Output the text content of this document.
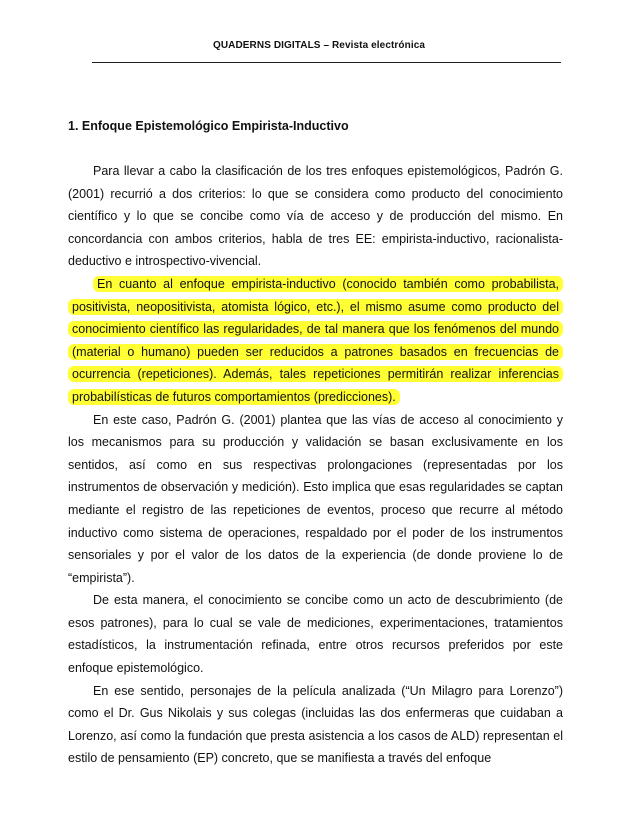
QUADERNS DIGITALS – Revista electrónica
1. Enfoque Epistemológico Empirista-Inductivo

Para llevar a cabo la clasificación de los tres enfoques epistemológicos, Padrón G. (2001) recurrió a dos criterios: lo que se considera como producto del conocimiento científico y lo que se concibe como vía de acceso y de producción del mismo. En concordancia con ambos criterios, habla de tres EE: empirista-inductivo, racionalista-deductivo e introspectivo-vivencial.

En cuanto al enfoque empirista-inductivo (conocido también como probabilista, positivista, neopositivista, atomista lógico, etc.), el mismo asume como producto del conocimiento científico las regularidades, de tal manera que los fenómenos del mundo (material o humano) pueden ser reducidos a patrones basados en frecuencias de ocurrencia (repeticiones). Además, tales repeticiones permitirán realizar inferencias probabilísticas de futuros comportamientos (predicciones).

En este caso, Padrón G. (2001) plantea que las vías de acceso al conocimiento y los mecanismos para su producción y validación se basan exclusivamente en los sentidos, así como en sus respectivas prolongaciones (representadas por los instrumentos de observación y medición). Esto implica que esas regularidades se captan mediante el registro de las repeticiones de eventos, proceso que recurre al método inductivo como sistema de operaciones, respaldado por el poder de los instrumentos sensoriales y por el valor de los datos de la experiencia (de donde proviene lo de “empirista”).

De esta manera, el conocimiento se concibe como un acto de descubrimiento (de esos patrones), para lo cual se vale de mediciones, experimentaciones, tratamientos estadísticos, la instrumentación refinada, entre otros recursos preferidos por este enfoque epistemológico.

En ese sentido, personajes de la película analizada (“Un Milagro para Lorenzo”) como el Dr. Gus Nikolais y sus colegas (incluidas las dos enfermeras que cuidaban a Lorenzo, así como la fundación que presta asistencia a los casos de ALD) representan el estilo de pensamiento (EP) concreto, que se manifiesta a través del enfoque
